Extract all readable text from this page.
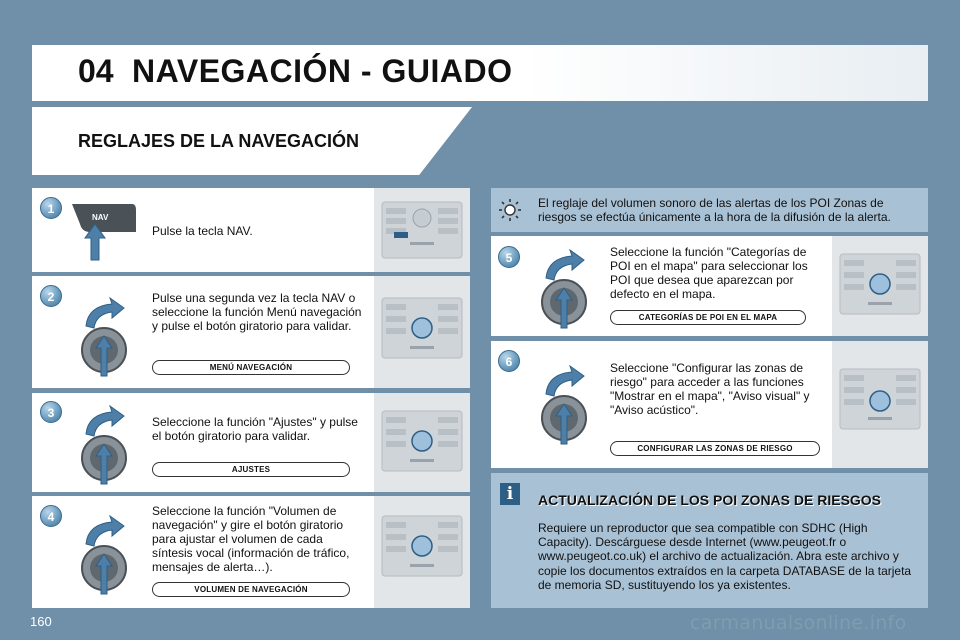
04 NAVEGACIÓN - GUIADO
REGLAJES DE LA NAVEGACIÓN
1
NAV
Pulse la tecla NAV.
2	Pulse una segunda vez la tecla NAV o seleccione la función Menú navegación y pulse el botón giratorio para validar.
MENÚ NAVEGACIÓN
3
Seleccione la función "Ajustes" y pulse el botón giratorio para validar.
AJUSTES
4	Seleccione la función "Volumen de navegación" y gire el botón giratorio para ajustar el volumen de cada síntesis vocal (información de tráfico, mensajes de alerta…).
VOLUMEN DE NAVEGACIÓN
El reglaje del volumen sonoro de las alertas de los POI Zonas de riesgos se efectúa únicamente a la hora de la difusión de la alerta.
5	Seleccione la función "Categorías de POI en el mapa" para seleccionar los POI que desea que aparezcan por defecto en el mapa.
CATEGORÍAS DE POI EN EL MAPA
6	Seleccione "Configurar las zonas de riesgo" para acceder a las funciones "Mostrar en el mapa", "Aviso visual" y "Aviso acústico".
CONFIGURAR LAS ZONAS DE RIESGO
i	ACTUALIZACIÓN DE LOS POI ZONAS DE RIESGOS
Requiere un reproductor que sea compatible con SDHC (High Capacity). Descárguese desde Internet (www.peugeot.fr o www.peugeot.co.uk) el archivo de actualización. Abra este archivo y copie los documentos extraídos en la carpeta DATABASE de la tarjeta de memoria SD, sustituyendo los ya existentes.
160	carmanualsonline.info
